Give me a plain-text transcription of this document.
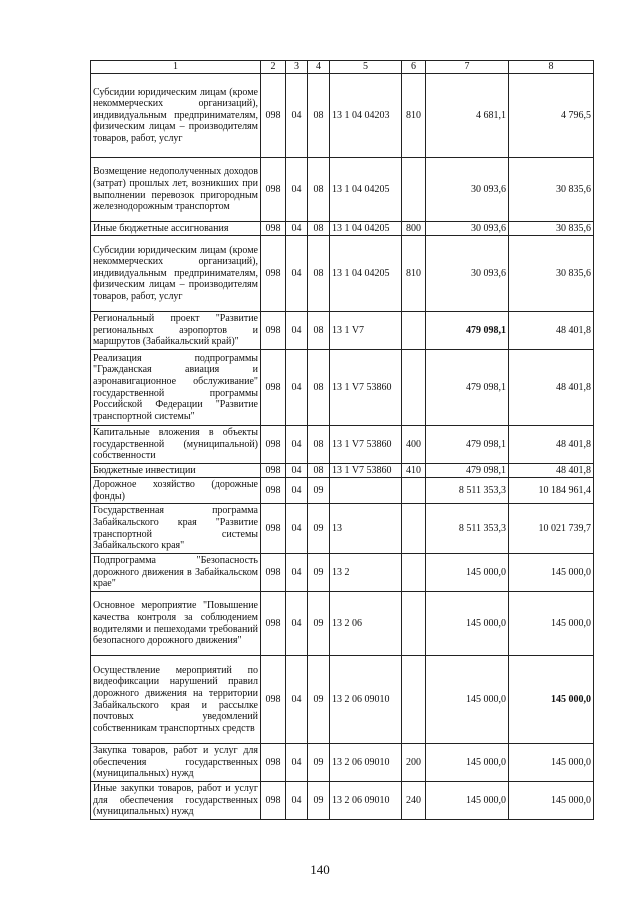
1	2	3	4	5	6	7	8
Субсидии юридическим лицам (кроме некоммерческих организаций), индивидуальным предпринимателям, физическим лицам – производителям товаров, работ, услуг	098	04	08	13 1 04 04203	810	4 681,1	4 796,5
Возмещение недополученных доходов (затрат) прошлых лет, возникших при выполнении перевозок пригородным железнодорожным транспортом	098	04	08	13 1 04 04205		30 093,6	30 835,6
Иные бюджетные ассигнования	098	04	08	13 1 04 04205	800	30 093,6	30 835,6
Субсидии юридическим лицам (кроме некоммерческих организаций), индивидуальным предпринимателям, физическим лицам – производителям товаров, работ, услуг	098	04	08	13 1 04 04205	810	30 093,6	30 835,6
Региональный проект "Развитие региональных аэропортов и маршрутов (Забайкальский край)"	098	04	08	13 1 V7		479 098,1	48 401,8
Реализация подпрограммы "Гражданская авиация и аэронавигационное обслуживание" государственной программы Российской Федерации "Развитие транспортной системы"	098	04	08	13 1 V7 53860		479 098,1	48 401,8
Капитальные вложения в объекты государственной (муниципальной) собственности	098	04	08	13 1 V7 53860	400	479 098,1	48 401,8
Бюджетные инвестиции	098	04	08	13 1 V7 53860	410	479 098,1	48 401,8
Дорожное хозяйство (дорожные фонды)	098	04	09			8 511 353,3	10 184 961,4
Государственная программа Забайкальского края "Развитие транспортной системы Забайкальского края"	098	04	09	13		8 511 353,3	10 021 739,7
Подпрограмма "Безопасность дорожного движения в Забайкальском крае"	098	04	09	13 2		145 000,0	145 000,0
Основное мероприятие "Повышение качества контроля за соблюдением водителями и пешеходами требований безопасного дорожного движения"	098	04	09	13 2 06		145 000,0	145 000,0
Осуществление мероприятий по видеофиксации нарушений правил дорожного движения на территории Забайкальского края и рассылке почтовых уведомлений собственникам транспортных средств	098	04	09	13 2 06 09010		145 000,0	145 000,0
Закупка товаров, работ и услуг для обеспечения государственных (муниципальных) нужд	098	04	09	13 2 06 09010	200	145 000,0	145 000,0
Иные закупки товаров, работ и услуг для обеспечения государственных (муниципальных) нужд	098	04	09	13 2 06 09010	240	145 000,0	145 000,0
140
